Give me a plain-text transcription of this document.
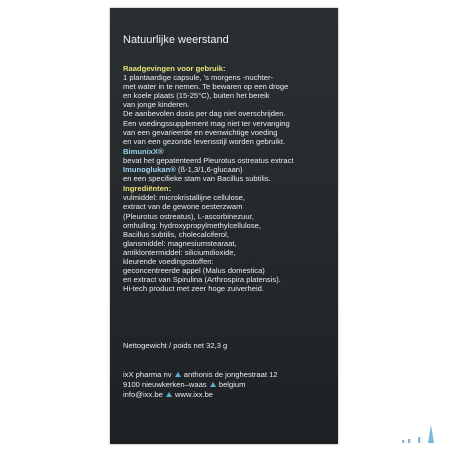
Natuurlijke weerstand
Raadgevingen voor gebruik:
1 plantaardige capsule, 's morgens -nuchter-
met water in te nemen. Te bewaren op een droge
en koele plaats (15-25°C), buiten het bereik
van jonge kinderen.
De aanbevolen dosis per dag niet overschrijden.
Een voedingssupplement mag niet ter vervanging
van een gevarieerde en evenwichtige voeding
en van een gezonde levensstijl worden gebruikt.
BimunixX®
bevat het gepatenteerd Pleurotus ostreatus extract
Imunoglukan® (ß-1,3/1,6-glucaan)
en een specifieke stam van Bacillus subtilis.
Ingrediënten:
vulmiddel: microkristallijne cellulose,
extract van de gewone oesterzwam
(Pleurotus ostreatus), L-ascorbinezuur,
omhulling: hydroxypropylmethylcellulose,
Bacillus subtilis, cholecalciferol,
glansmiddel: magnesiumstearaat,
antiklontermiddel: siliciumdioxide,
kleurende voedingsstoffen:
geconcentreerde appel (Malus domestica)
en extract van Spirulina (Arthrospira platensis).
Hi-tech product met zeer hoge zuiverheid.
Nettogewicht / poids net 32,3 g
ixX pharma nv anthonis de jonghestraat 12
9100 nieuwkerken–waas belgium
info@ixx.be www.ixx.be
